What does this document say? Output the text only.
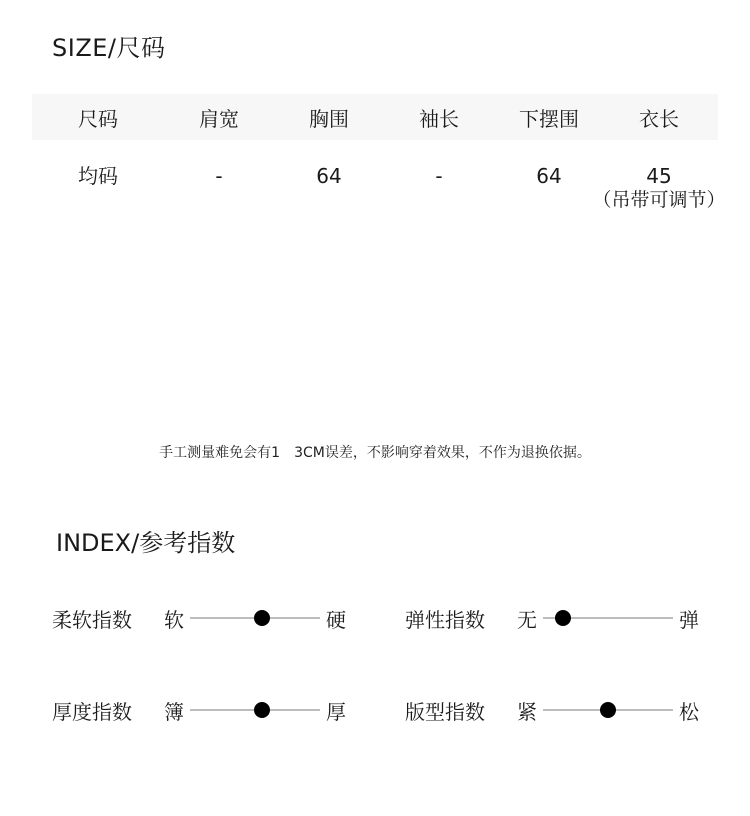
SIZE/尺码
尺码	肩宽	胸围	袖长	下摆围	衣长
均码	-	64	-	64	45
（吊带可调节）
手工测量难免会有1　3CM误差，不影响穿着效果，不作为退换依据。
INDEX/参考指数
柔软指数	软	硬	弹性指数	无	弹
厚度指数	簿	厚	版型指数	紧	松
